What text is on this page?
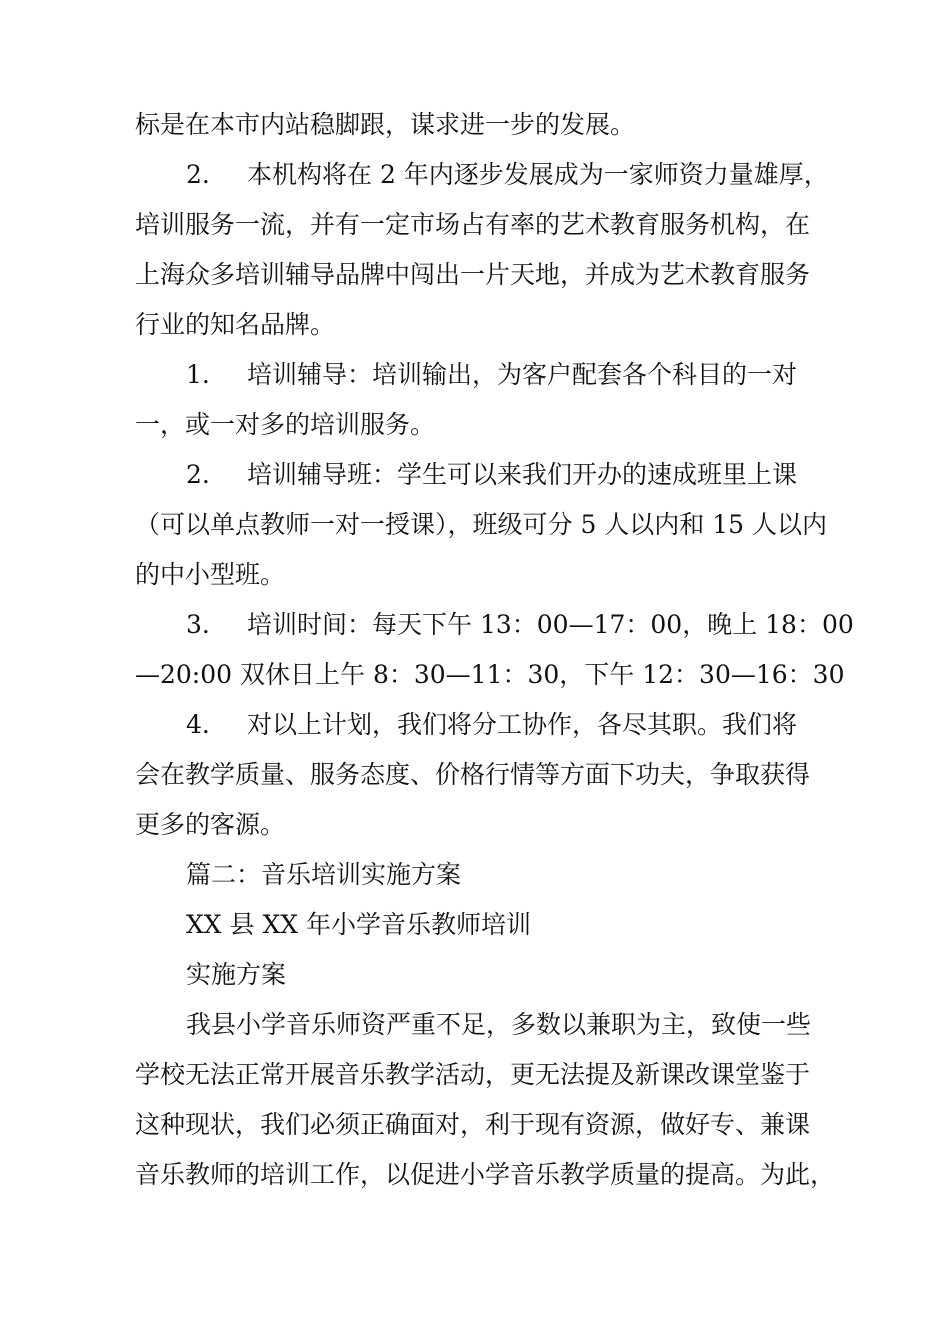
标是在本市内站稳脚跟，谋求进一步的发展。

2.

本机构将在 2 年内逐步发展成为一家师资力量雄厚，

培训服务一流，并有一定市场占有率的艺术教育服务机构，在

上海众多培训辅导品牌中闯出一片天地，并成为艺术教育服务

行业的知名品牌。

1.

培训辅导：培训输出，为客户配套各个科目的一对

一，或一对多的培训服务。

2.

培训辅导班：学生可以来我们开办的速成班里上课

（可以单点教师一对一授课），班级可分 5 人以内和 15 人以内

的中小型班。

3.

培训时间：每天下午 13：00—17：00，晚上 18：00

—20:00 双休日上午 8：30—11：30，下午 12：30—16：30

4.

对以上计划，我们将分工协作，各尽其职。我们将

会在教学质量、服务态度、价格行情等方面下功夫，争取获得

更多的客源。

篇二：音乐培训实施方案

XX 县 XX 年小学音乐教师培训

实施方案

我县小学音乐师资严重不足，多数以兼职为主，致使一些

学校无法正常开展音乐教学活动，更无法提及新课改课堂鉴于

这种现状，我们必须正确面对，利于现有资源，做好专、兼课

音乐教师的培训工作，以促进小学音乐教学质量的提高。为此，
